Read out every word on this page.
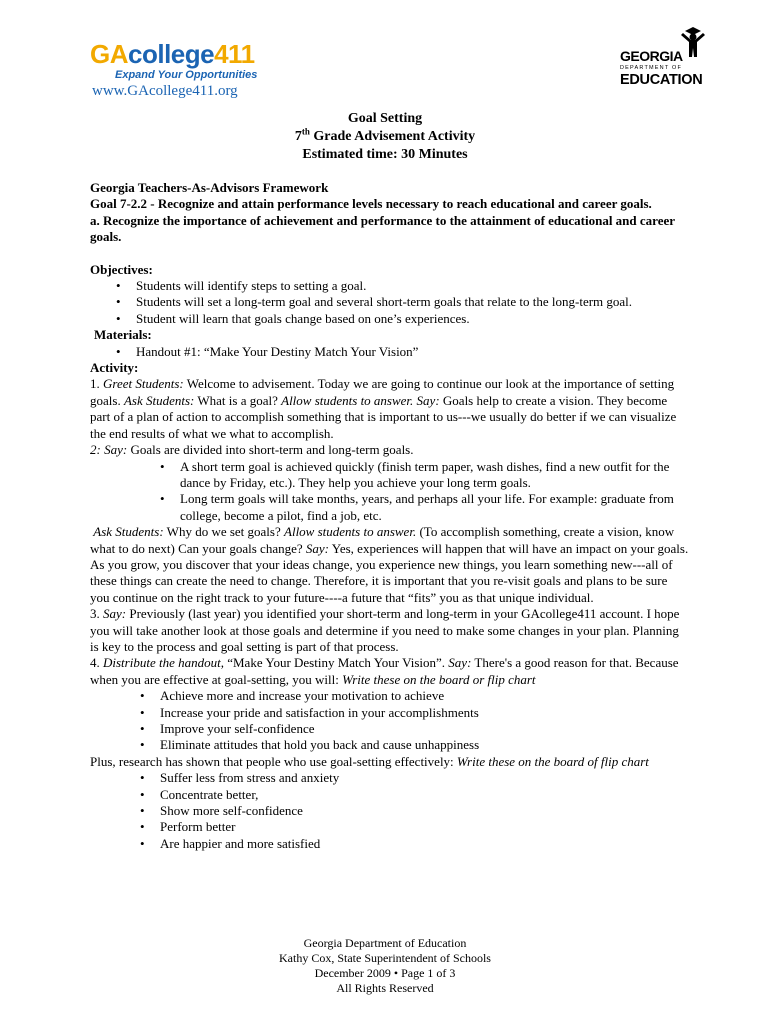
GAcollege411
Expand Your Opportunities
www.GAcollege411.org
GEORGIA
DEPARTMENT OF
EDUCATION
Goal Setting
7th Grade Advisement Activity
Estimated time: 30 Minutes

Georgia Teachers-As-Advisors Framework

Goal 7-2.2 - Recognize and attain performance levels necessary to reach educational and career goals.

a. Recognize the importance of achievement and performance to the attainment of educational and career goals.

Objectives:

• Students will identify steps to setting a goal.
• Students will set a long-term goal and several short-term goals that relate to the long-term goal.
• Student will learn that goals change based on one’s experiences.

Materials:

• Handout #1: “Make Your Destiny Match Your Vision”

Activity:

1. Greet Students: Welcome to advisement. Today we are going to continue our look at the importance of setting goals. Ask Students: What is a goal? Allow students to answer. Say: Goals help to create a vision. They become part of a plan of action to accomplish something that is important to us---we usually do better if we can visualize the end results of what we what to accomplish.

2: Say: Goals are divided into short-term and long-term goals.

• A short term goal is achieved quickly (finish term paper, wash dishes, find a new outfit for the dance by Friday, etc.). They help you achieve your long term goals.
• Long term goals will take months, years, and perhaps all your life. For example: graduate from college, become a pilot, find a job, etc.

Ask Students: Why do we set goals? Allow students to answer. (To accomplish something, create a vision, know what to do next) Can your goals change? Say: Yes, experiences will happen that will have an impact on your goals. As you grow, you discover that your ideas change, you experience new things, you learn something new---all of these things can create the need to change. Therefore, it is important that you re-visit goals and plans to be sure you continue on the right track to your future----a future that “fits” you as that unique individual.

3. Say: Previously (last year) you identified your short-term and long-term in your GAcollege411 account. I hope you will take another look at those goals and determine if you need to make some changes in your plan. Planning is key to the process and goal setting is part of that process.

4. Distribute the handout, “Make Your Destiny Match Your Vision”. Say: There's a good reason for that. Because when you are effective at goal-setting, you will: Write these on the board or flip chart

• Achieve more and increase your motivation to achieve
• Increase your pride and satisfaction in your accomplishments
• Improve your self-confidence
• Eliminate attitudes that hold you back and cause unhappiness

Plus, research has shown that people who use goal-setting effectively: Write these on the board of flip chart

• Suffer less from stress and anxiety
• Concentrate better,
• Show more self-confidence
• Perform better
• Are happier and more satisfied
Georgia Department of Education
Kathy Cox, State Superintendent of Schools
December 2009 • Page 1 of 3
All Rights Reserved
